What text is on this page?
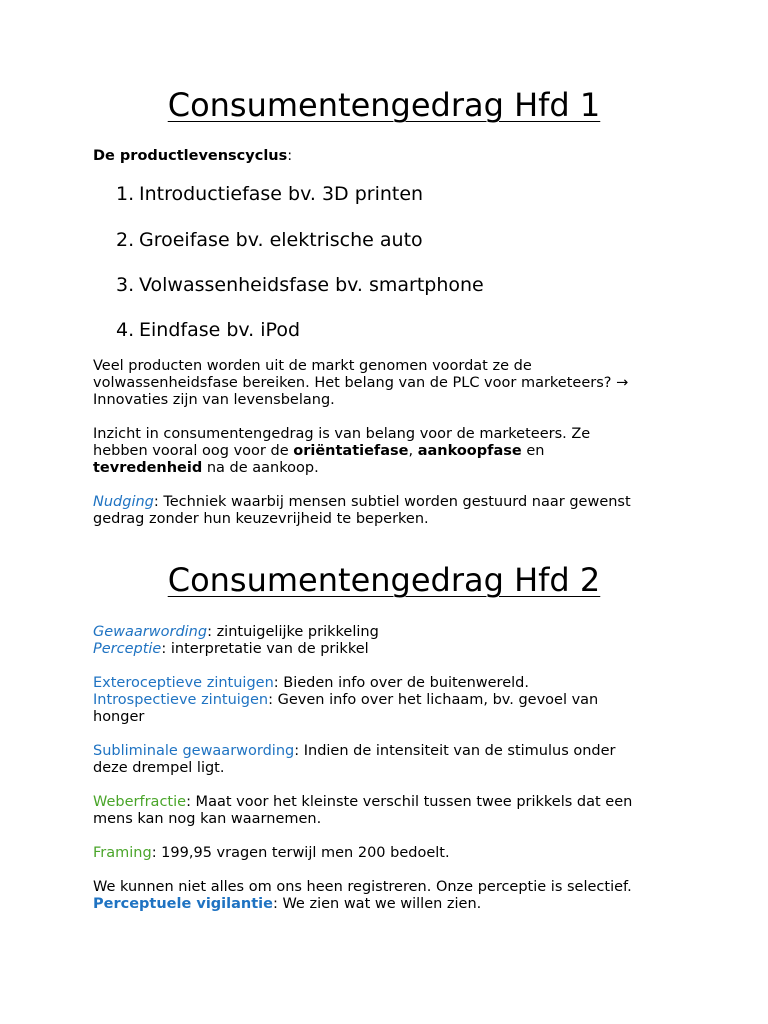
Consumentengedrag Hfd 1

De productlevenscyclus:

1. Introductiefase bv. 3D printen
2. Groeifase bv. elektrische auto
3. Volwassenheidsfase bv. smartphone
4. Eindfase bv. iPod

Veel producten worden uit de markt genomen voordat ze de
volwassenheidsfase bereiken. Het belang van de PLC voor marketeers? →
Innovaties zijn van levensbelang.

Inzicht in consumentengedrag is van belang voor de marketeers. Ze
hebben vooral oog voor de oriëntatiefase, aankoopfase en
tevredenheid na de aankoop.

Nudging: Techniek waarbij mensen subtiel worden gestuurd naar gewenst
gedrag zonder hun keuzevrijheid te beperken.

Consumentengedrag Hfd 2

Gewaarwording: zintuigelijke prikkeling
Perceptie: interpretatie van de prikkel

Exteroceptieve zintuigen: Bieden info over de buitenwereld.
Introspectieve zintuigen: Geven info over het lichaam, bv. gevoel van
honger

Subliminale gewaarwording: Indien de intensiteit van de stimulus onder
deze drempel ligt.

Weberfractie: Maat voor het kleinste verschil tussen twee prikkels dat een
mens kan nog kan waarnemen.

Framing: 199,95 vragen terwijl men 200 bedoelt.

We kunnen niet alles om ons heen registreren. Onze perceptie is selectief.
Perceptuele vigilantie: We zien wat we willen zien.
